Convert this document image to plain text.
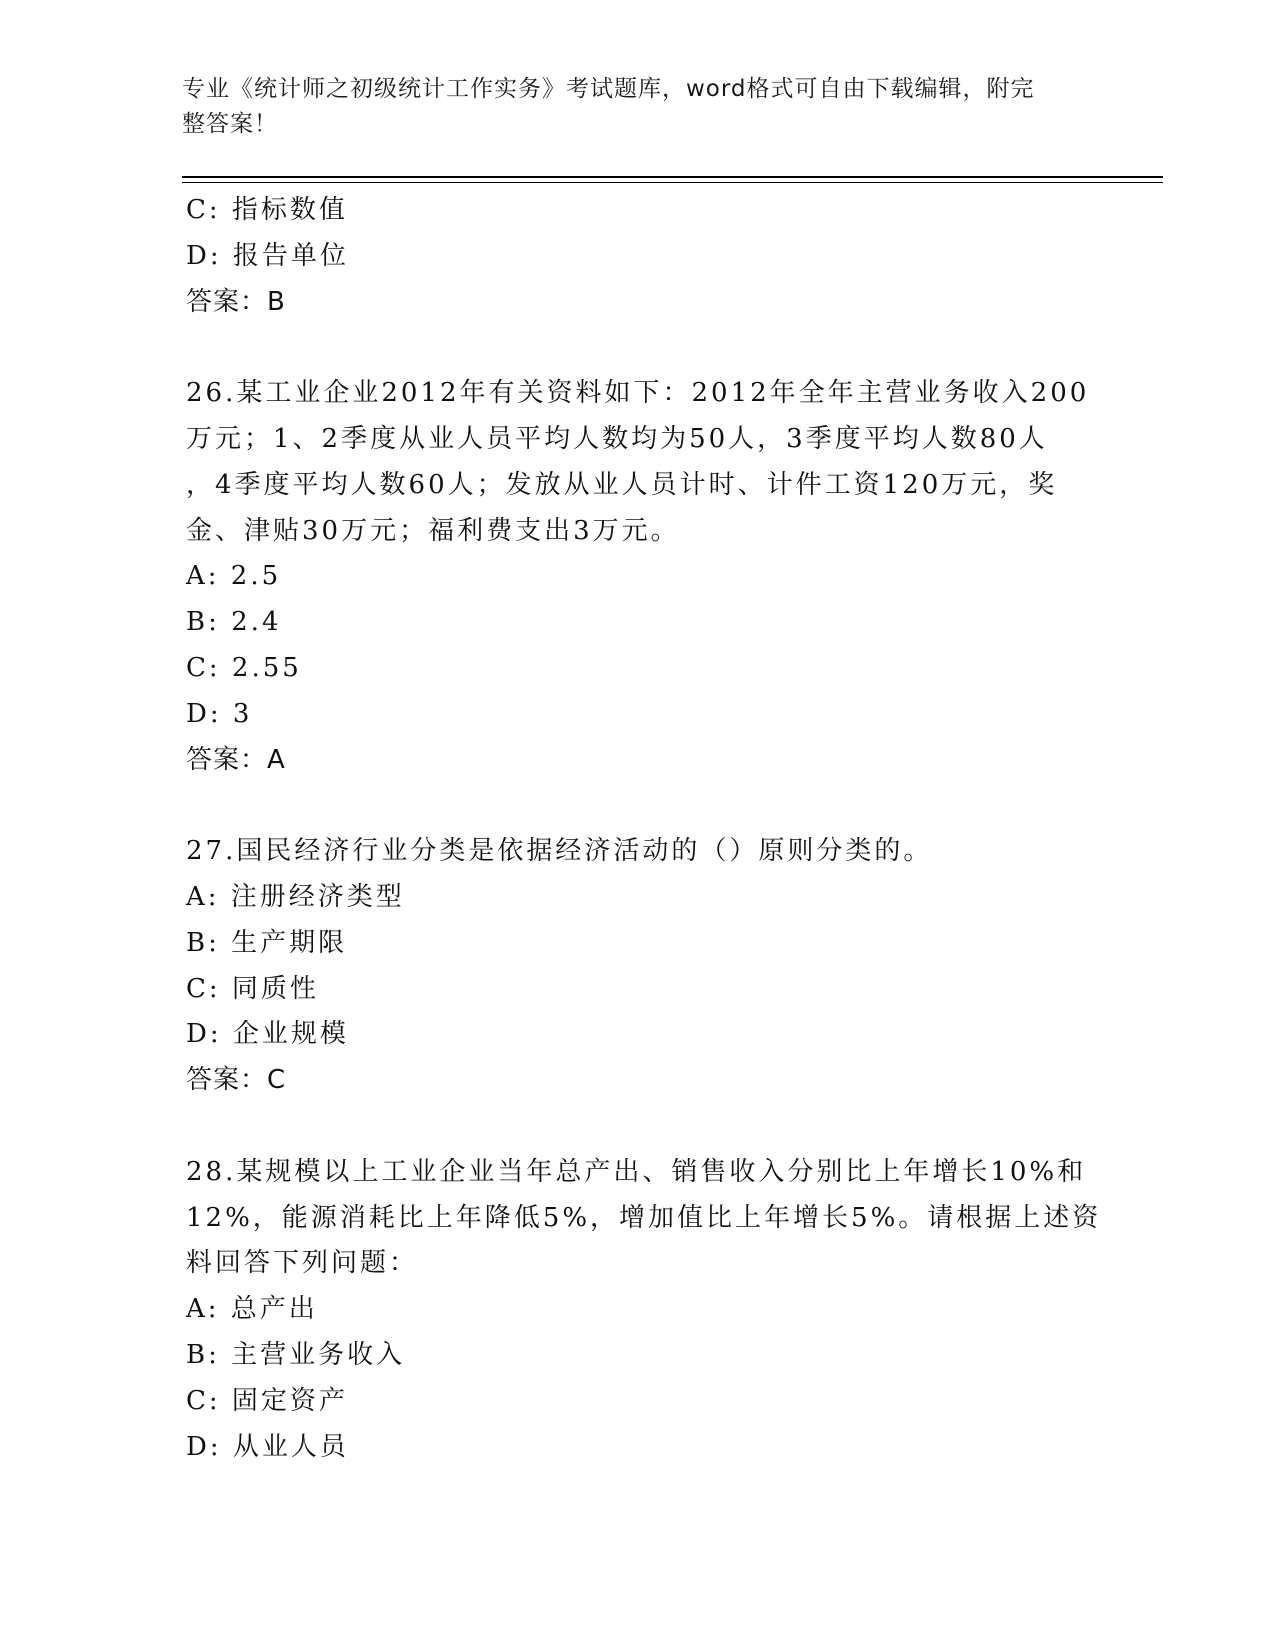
专业《统计师之初级统计工作实务》考试题库，word格式可自由下载编辑，附完
整答案！
C: 指标数值
D: 报告单位
答案：B
26.某工业企业2012年有关资料如下：2012年全年主营业务收入200
万元；1、2季度从业人员平均人数均为50人，3季度平均人数80人
，4季度平均人数60人；发放从业人员计时、计件工资120万元，奖
金、津贴30万元；福利费支出3万元。
A: 2.5
B: 2.4
C: 2.55
D: 3
答案：A
27.国民经济行业分类是依据经济活动的（）原则分类的。
A: 注册经济类型
B: 生产期限
C: 同质性
D: 企业规模
答案：C
28.某规模以上工业企业当年总产出、销售收入分别比上年增长10%和
12%，能源消耗比上年降低5%，增加值比上年增长5%。请根据上述资
料回答下列问题：
A: 总产出
B: 主营业务收入
C: 固定资产
D: 从业人员
